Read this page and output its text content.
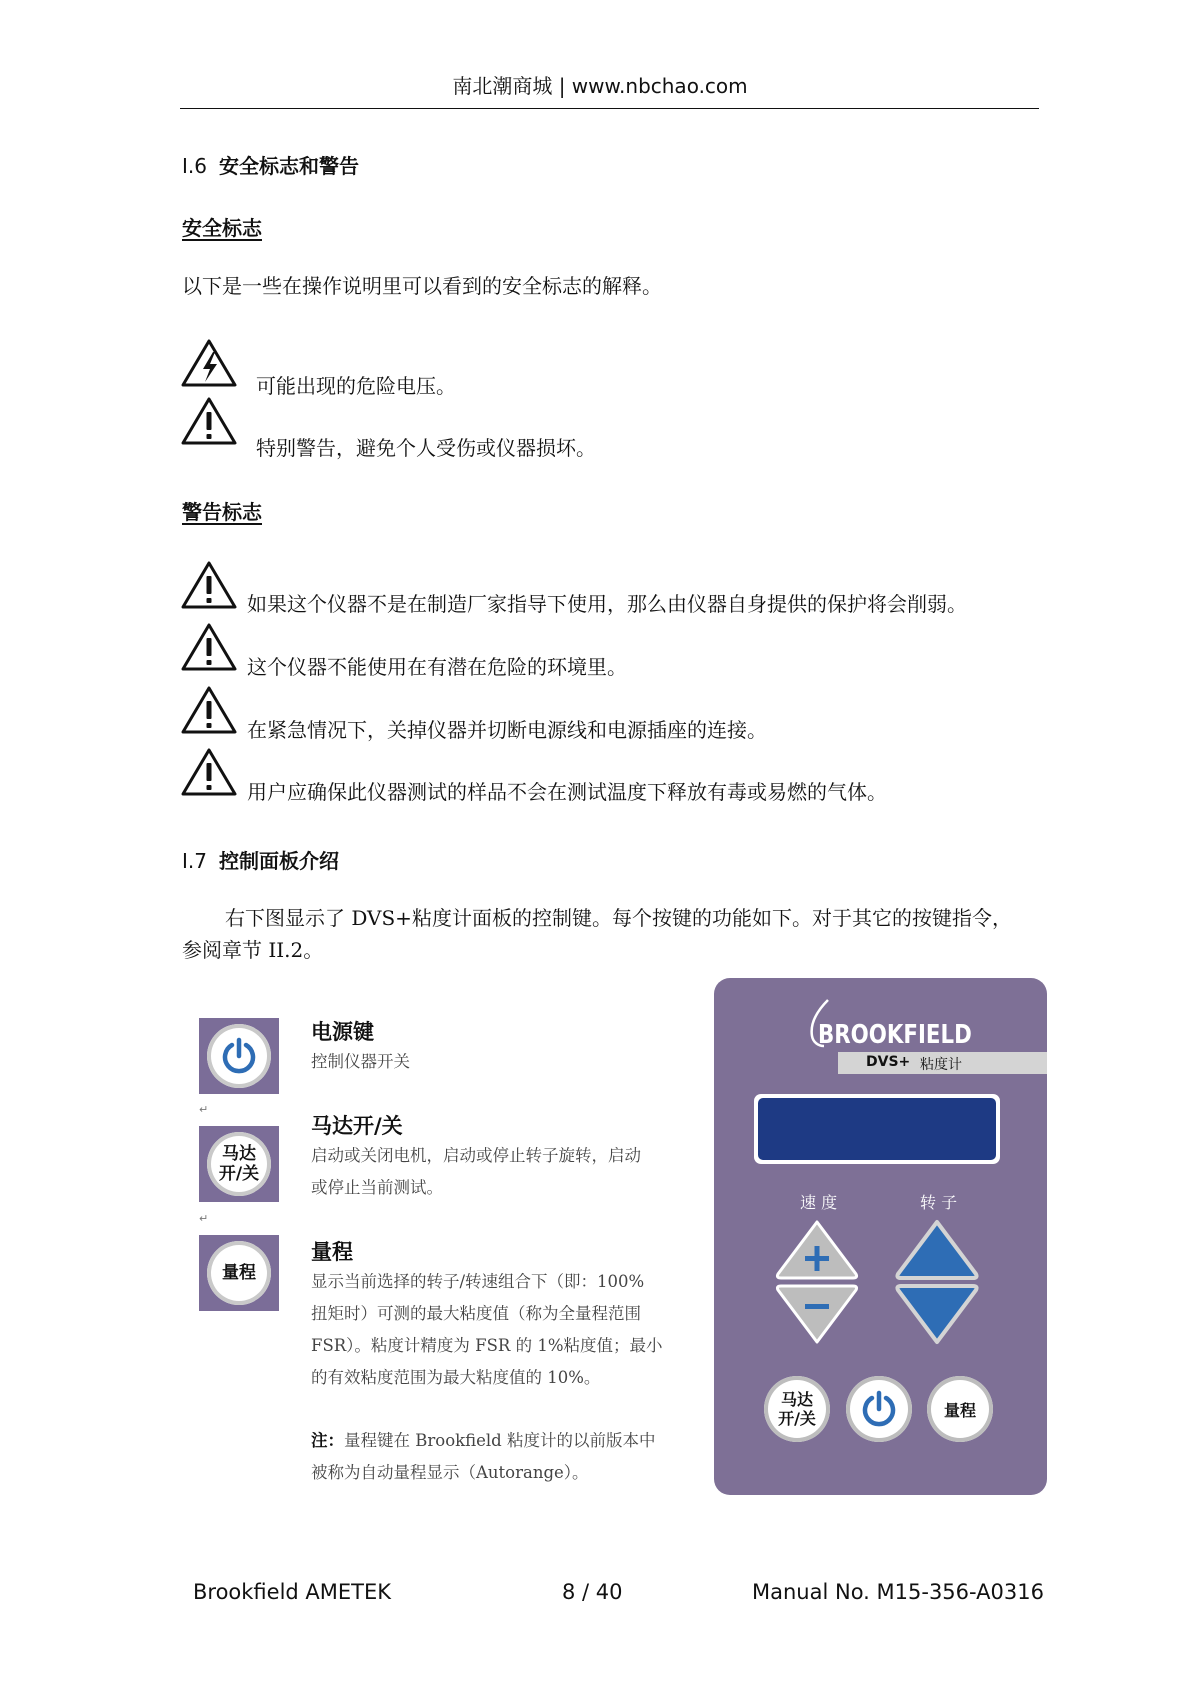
南北潮商城 | www.nbchao.com
I.6 安全标志和警告
安全标志
以下是一些在操作说明里可以看到的安全标志的解释。
可能出现的危险电压。
特别警告，避免个人受伤或仪器损坏。
警告标志
如果这个仪器不是在制造厂家指导下使用，那么由仪器自身提供的保护将会削弱。
这个仪器不能使用在有潜在危险的环境里。
在紧急情况下，关掉仪器并切断电源线和电源插座的连接。
用户应确保此仪器测试的样品不会在测试温度下释放有毒或易燃的气体。
I.7 控制面板介绍
右下图显示了 DVS+粘度计面板的控制键。每个按键的功能如下。对于其它的按键指令，
参阅章节 II.2。
电源键
控制仪器开关
↵
马达
开/关
马达开/关
启动或关闭电机，启动或停止转子旋转，启动
或停止当前测试。
↵
量程
量程
显示当前选择的转子/转速组合下（即：100%
扭矩时）可测的最大粘度值（称为全量程范围
FSR）。粘度计精度为 FSR 的 1%粘度值；最小
的有效粘度范围为最大粘度值的 10%。
注：量程键在 Brookfield 粘度计的以前版本中
被称为自动量程显示（Autorange）。
BROOKFIELD
DVS+ 粘度计
速 度	转 子
马达
开/关	量程
Brookfield AMETEK	8 / 40	Manual No. M15-356-A0316
